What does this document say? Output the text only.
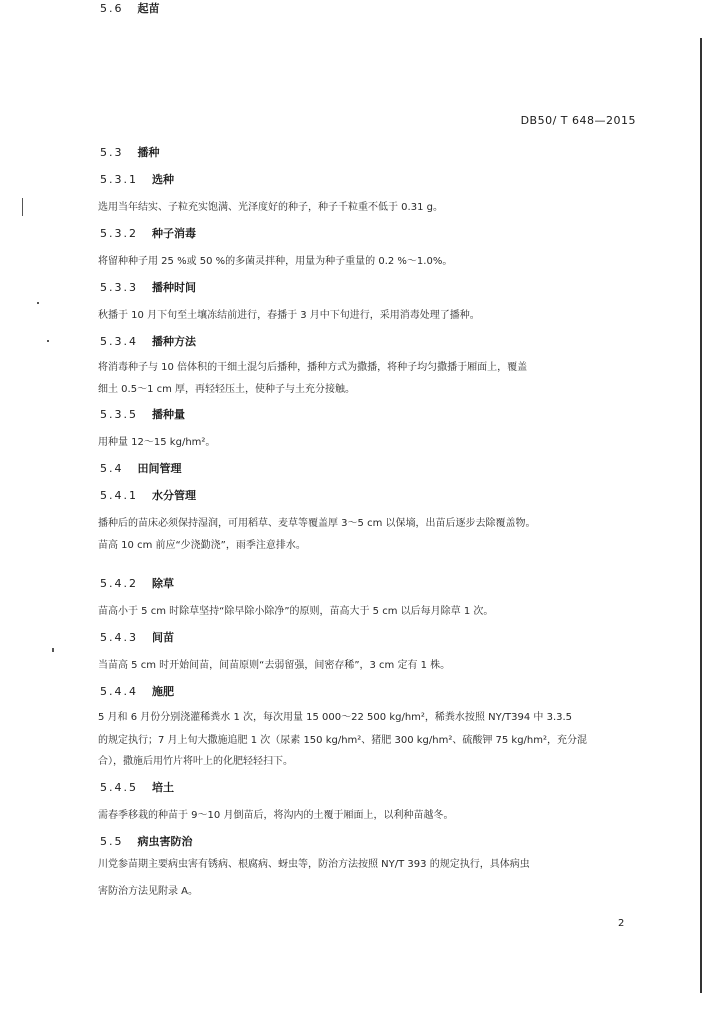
DB50/ T 648—2015
5.3 播种
5.3.1 选种
选用当年结实、子粒充实饱满、光泽度好的种子，种子千粒重不低于 0.31 g。
5.3.2 种子消毒
将留种种子用 25 %或 50 %的多菌灵拌种，用量为种子重量的 0.2 %～1.0%。
5.3.3 播种时间
秋播于 10 月下旬至土壤冻结前进行，春播于 3 月中下旬进行，采用消毒处理了播种。
5.3.4 播种方法
将消毒种子与 10 倍体积的干细土混匀后播种，播种方式为撒播，将种子均匀撒播于厢面上，覆盖
细土 0.5～1 cm 厚，再轻轻压土，使种子与土充分接触。
5.3.5 播种量
用种量 12～15 kg/hm²。
5.4 田间管理
5.4.1 水分管理
播种后的苗床必须保持湿润，可用稻草、麦草等覆盖厚 3～5 cm 以保墒，出苗后逐步去除覆盖物。
苗高 10 cm 前应“少浇勤浇”，雨季注意排水。
5.4.2 除草
苗高小于 5 cm 时除草坚持“除早除小除净”的原则，苗高大于 5 cm 以后每月除草 1 次。
5.4.3 间苗
当苗高 5 cm 时开始间苗，间苗原则“去弱留强，间密存稀”，3 cm 定有 1 株。
5.4.4 施肥
5 月和 6 月份分别浇灌稀粪水 1 次，每次用量 15 000～22 500 kg/hm²，稀粪水按照 NY/T394 中 3.3.5
的规定执行；7 月上旬大撒施追肥 1 次（尿素 150 kg/hm²、猪肥 300 kg/hm²、硫酸钾 75 kg/hm²，充分混
合），撒施后用竹片将叶上的化肥轻轻扫下。
5.4.5 培土
需春季移栽的种苗于 9～10 月倒苗后，将沟内的土覆于厢面上，以利种苗越冬。
5.5 病虫害防治
川党参苗期主要病虫害有锈病、根腐病、蚜虫等，防治方法按照 NY/T 393 的规定执行，具体病虫
害防治方法见附录 A。
5.6 起苗
2
